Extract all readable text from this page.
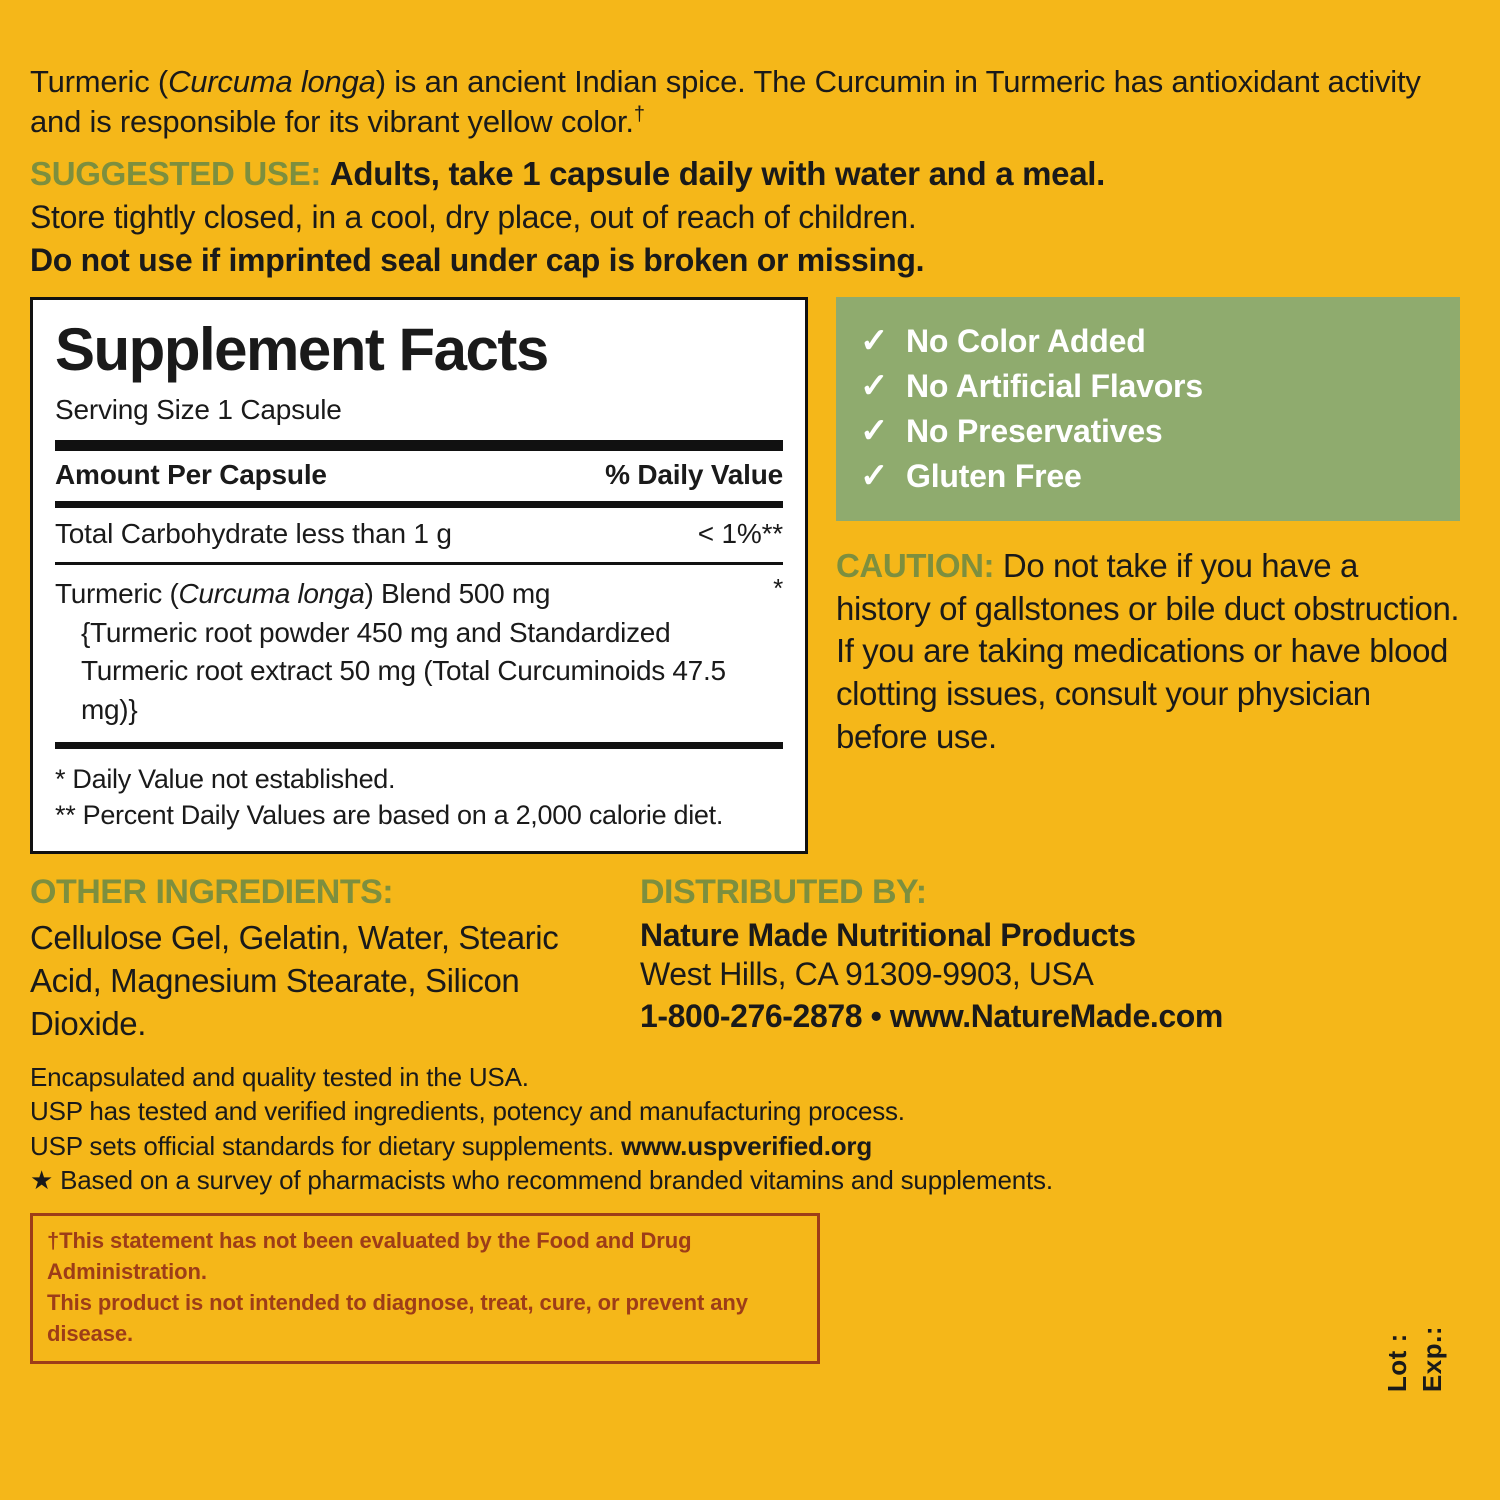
Turmeric (Curcuma longa) is an ancient Indian spice. The Curcumin in Turmeric has antioxidant activity and is responsible for its vibrant yellow color.†
SUGGESTED USE: Adults, take 1 capsule daily with water and a meal.
Store tightly closed, in a cool, dry place, out of reach of children.
Do not use if imprinted seal under cap is broken or missing.
Supplement Facts
Serving Size 1 Capsule
Amount Per Capsule	% Daily Value
Total Carbohydrate less than 1 g	< 1%**
*
Turmeric (Curcuma longa) Blend 500 mg
{Turmeric root powder 450 mg and Standardized
Turmeric root extract 50 mg (Total Curcuminoids 47.5 mg)}
* Daily Value not established.
** Percent Daily Values are based on a 2,000 calorie diet.
✓ No Color Added
✓ No Artificial Flavors
✓ No Preservatives
✓ Gluten Free
CAUTION: Do not take if you have a history of gallstones or bile duct obstruction. If you are taking medications or have blood clotting issues, consult your physician before use.
OTHER INGREDIENTS:
Cellulose Gel, Gelatin, Water, Stearic Acid, Magnesium Stearate, Silicon Dioxide.
DISTRIBUTED BY:
Nature Made Nutritional Products
West Hills, CA 91309-9903, USA
1-800-276-2878 • www.NatureMade.com
Encapsulated and quality tested in the USA.
USP has tested and verified ingredients, potency and manufacturing process.
USP sets official standards for dietary supplements. www.uspverified.org
★ Based on a survey of pharmacists who recommend branded vitamins and supplements.
†This statement has not been evaluated by the Food and Drug Administration.
This product is not intended to diagnose, treat, cure, or prevent any disease.
Lot : Exp.:
